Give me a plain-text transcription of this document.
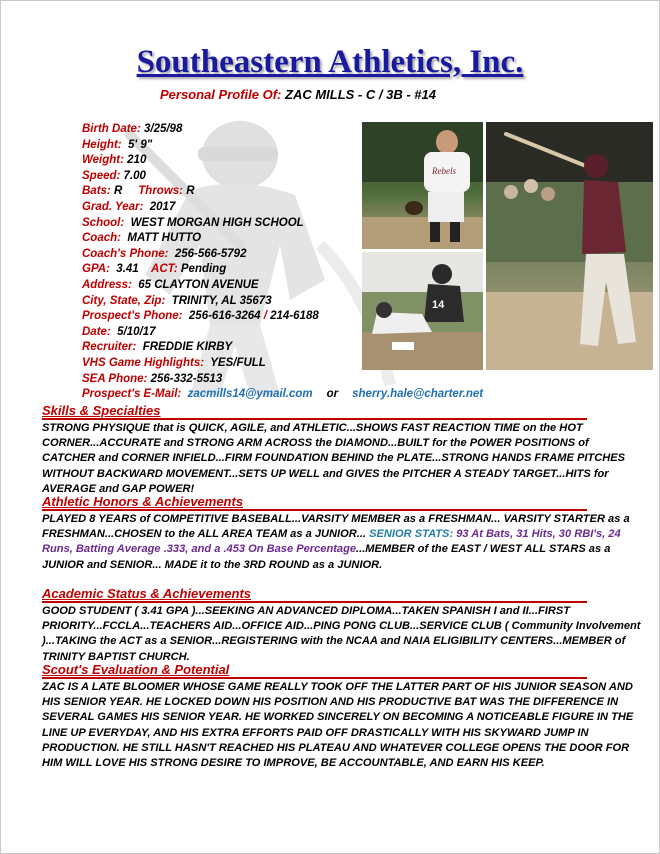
Southeastern Athletics, Inc.
Personal Profile Of: ZAC MILLS - C / 3B - #14
Rebels
14
Birth Date: 3/25/98
Height: 5' 9"
Weight: 210
Speed: 7.00
Bats: R Throws: R
Grad. Year: 2017
School: WEST MORGAN HIGH SCHOOL
Coach: MATT HUTTO
Coach's Phone: 256-566-5792
GPA: 3.41 ACT: Pending
Address: 65 CLAYTON AVENUE
City, State, Zip: TRINITY, AL 35673
Prospect's Phone: 256-616-3264 / 214-6188
Date: 5/10/17
Recruiter: FREDDIE KIRBY
VHS Game Highlights: YES/FULL
SEA Phone: 256-332-5513
Prospect's E-Mail: zacmills14@ymail.com or sherry.hale@charter.net
Skills & Specialties
STRONG PHYSIQUE that is QUICK, AGILE, and ATHLETIC...SHOWS FAST REACTION TIME on the HOT CORNER...ACCURATE and STRONG ARM ACROSS the DIAMOND...BUILT for the POWER POSITIONS of CATCHER and CORNER INFIELD...FIRM FOUNDATION BEHIND the PLATE...STRONG HANDS FRAME PITCHES WITHOUT BACKWARD MOVEMENT...SETS UP WELL and GIVES the PITCHER A STEADY TARGET...HITS for AVERAGE and GAP POWER!
Athletic Honors & Achievements
PLAYED 8 YEARS of COMPETITIVE BASEBALL...VARSITY MEMBER as a FRESHMAN... VARSITY STARTER as a FRESHMAN...CHOSEN to the ALL AREA TEAM as a JUNIOR... SENIOR STATS: 93 At Bats, 31 Hits, 30 RBI's, 24 Runs, Batting Average .333, and a .453 On Base Percentage...MEMBER of the EAST / WEST ALL STARS as a JUNIOR and SENIOR... MADE it to the 3RD ROUND as a JUNIOR.
Academic Status & Achievements
GOOD STUDENT ( 3.41 GPA )...SEEKING AN ADVANCED DIPLOMA...TAKEN SPANISH I and II...FIRST PRIORITY...FCCLA...TEACHERS AID...OFFICE AID...PING PONG CLUB...SERVICE CLUB ( Community Involvement )...TAKING the ACT as a SENIOR...REGISTERING with the NCAA and NAIA ELIGIBILITY CENTERS...MEMBER of TRINITY BAPTIST CHURCH.
Scout's Evaluation & Potential
ZAC IS A LATE BLOOMER WHOSE GAME REALLY TOOK OFF THE LATTER PART OF HIS JUNIOR SEASON AND HIS SENIOR YEAR. HE LOCKED DOWN HIS POSITION AND HIS PRODUCTIVE BAT WAS THE DIFFERENCE IN SEVERAL GAMES HIS SENIOR YEAR. HE WORKED SINCERELY ON BECOMING A NOTICEABLE FIGURE IN THE LINE UP EVERYDAY, AND HIS EXTRA EFFORTS PAID OFF DRASTICALLY WITH HIS SKYWARD JUMP IN PRODUCTION. HE STILL HASN'T REACHED HIS PLATEAU AND WHATEVER COLLEGE OPENS THE DOOR FOR HIM WILL LOVE HIS STRONG DESIRE TO IMPROVE, BE ACCOUNTABLE, AND EARN HIS KEEP.
